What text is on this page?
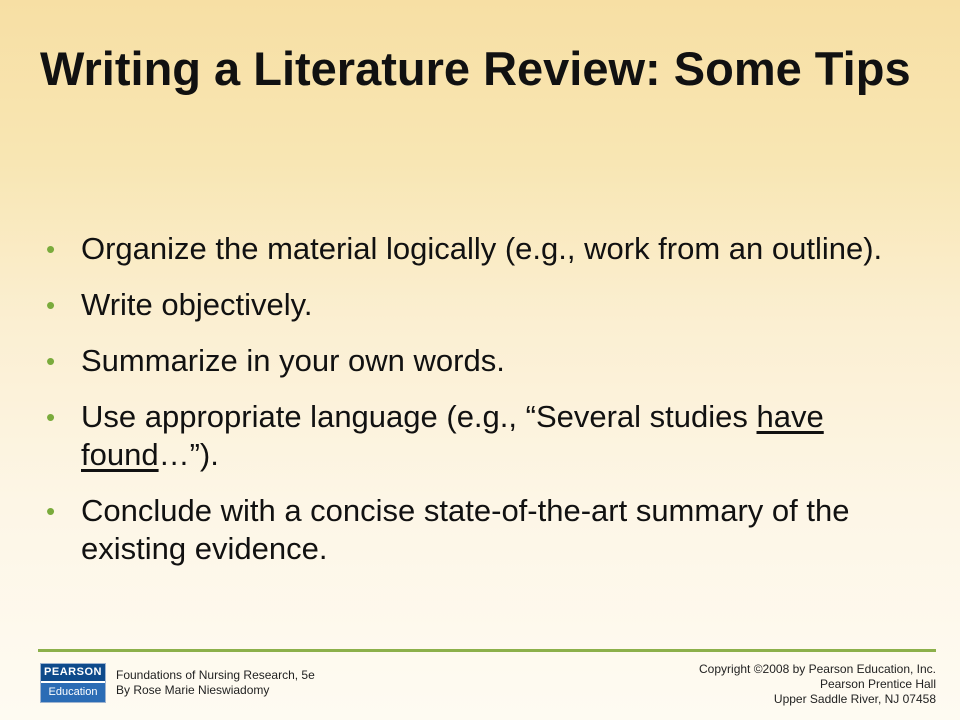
Writing a Literature Review: Some Tips
• Organize the material logically (e.g., work from an outline).
• Write objectively.
• Summarize in your own words.
• Use appropriate language (e.g., “Several studies have found…”).
• Conclude with a concise state-of-the-art summary of the existing evidence.
PEARSON
Education
Foundations of Nursing Research, 5e
By Rose Marie Nieswiadomy
Copyright ©2008 by Pearson Education, Inc.
Pearson Prentice Hall
Upper Saddle River, NJ 07458
